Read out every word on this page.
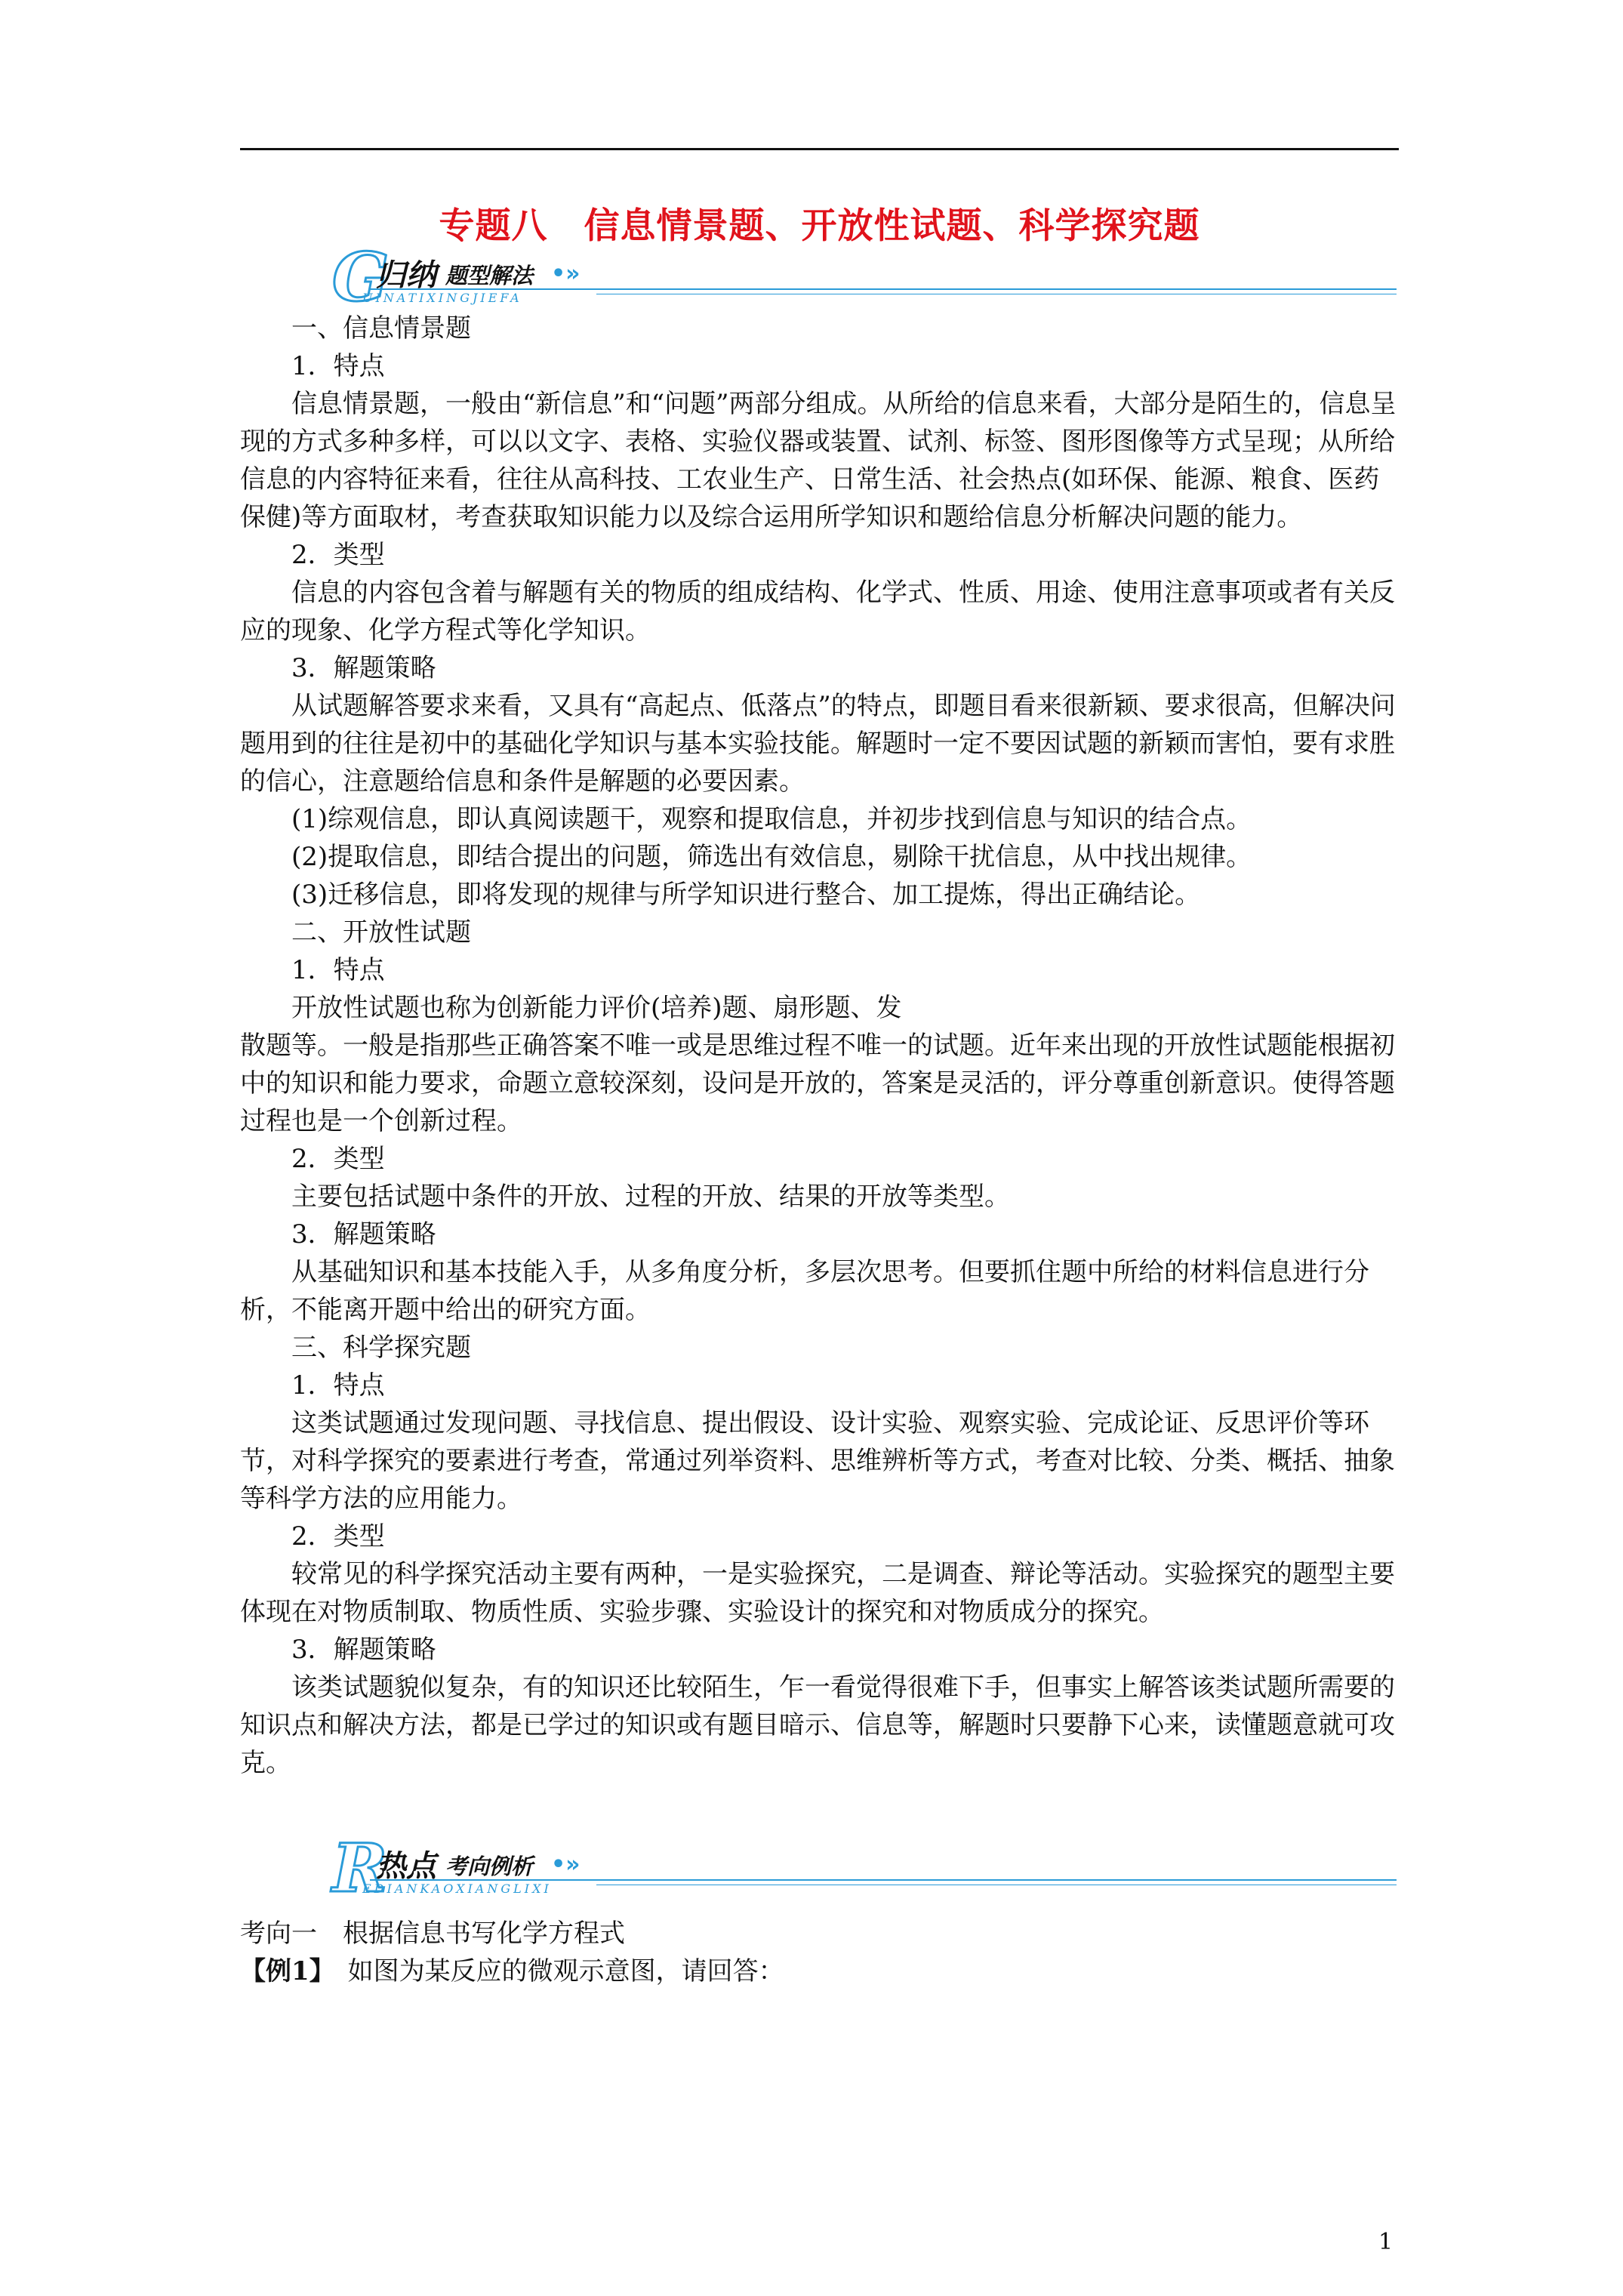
专题八　信息情景题、开放性试题、科学探究题
G
归纳 题型解法 •»
UINATIXINGJIEFA

一、信息情景题

1．特点

信息情景题，一般由“新信息”和“问题”两部分组成。从所给的信息来看，大部分是陌生的，信息呈现的方式多种多样，可以以文字、表格、实验仪器或装置、试剂、标签、图形图像等方式呈现；从所给信息的内容特征来看，往往从高科技、工农业生产、日常生活、社会热点(如环保、能源、粮食、医药保健)等方面取材，考查获取知识能力以及综合运用所学知识和题给信息分析解决问题的能力。

2．类型

信息的内容包含着与解题有关的物质的组成结构、化学式、性质、用途、使用注意事项或者有关反应的现象、化学方程式等化学知识。

3．解题策略

从试题解答要求来看，又具有“高起点、低落点”的特点，即题目看来很新颖、要求很高，但解决问题用到的往往是初中的基础化学知识与基本实验技能。解题时一定不要因试题的新颖而害怕，要有求胜的信心，注意题给信息和条件是解题的必要因素。

(1)综观信息，即认真阅读题干，观察和提取信息，并初步找到信息与知识的结合点。

(2)提取信息，即结合提出的问题，筛选出有效信息，剔除干扰信息，从中找出规律。

(3)迁移信息，即将发现的规律与所学知识进行整合、加工提炼，得出正确结论。

二、开放性试题

1．特点

开放性试题也称为创新能力评价(培养)题、扇形题、发

散题等。一般是指那些正确答案不唯一或是思维过程不唯一的试题。近年来出现的开放性试题能根据初中的知识和能力要求，命题立意较深刻，设问是开放的，答案是灵活的，评分尊重创新意识。使得答题过程也是一个创新过程。

2．类型

主要包括试题中条件的开放、过程的开放、结果的开放等类型。

3．解题策略

从基础知识和基本技能入手，从多角度分析，多层次思考。但要抓住题中所给的材料信息进行分析，不能离开题中给出的研究方面。

三、科学探究题

1．特点

这类试题通过发现问题、寻找信息、提出假设、设计实验、观察实验、完成论证、反思评价等环节，对科学探究的要素进行考查，常通过列举资料、思维辨析等方式，考查对比较、分类、概括、抽象等科学方法的应用能力。

2．类型

较常见的科学探究活动主要有两种，一是实验探究，二是调查、辩论等活动。实验探究的题型主要体现在对物质制取、物质性质、实验步骤、实验设计的探究和对物质成分的探究。

3．解题策略

该类试题貌似复杂，有的知识还比较陌生，乍一看觉得很难下手，但事实上解答该类试题所需要的知识点和解决方法，都是已学过的知识或有题目暗示、信息等，解题时只要静下心来，读懂题意就可攻克。

R
热点 考向例析 •»
EDIANKAOXIANGLIXI

考向一　根据信息书写化学方程式

【例1】　 如图为某反应的微观示意图，请回答：

1
